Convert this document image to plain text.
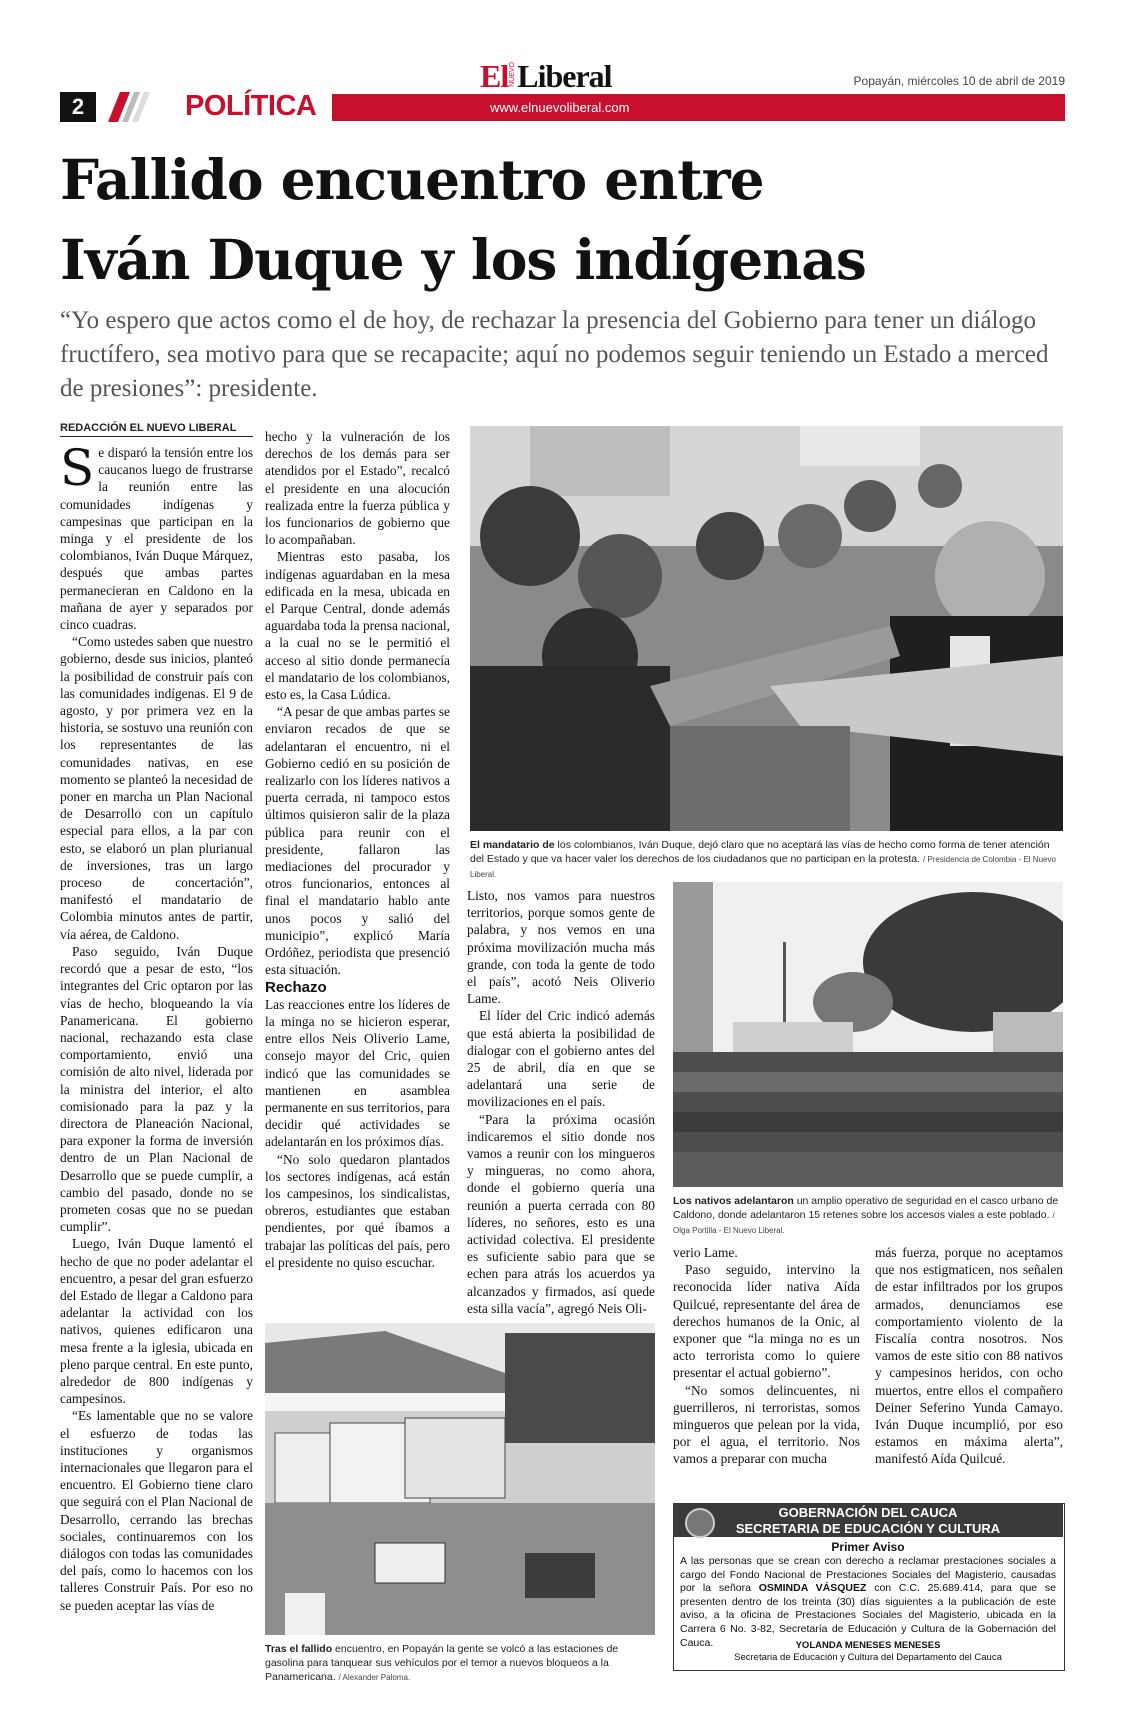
2	POLÍTICA	www.elnuevoliberal.com
El NUEVO Liberal	Popayán, miércoles 10 de abril de 2019
Fallido encuentro entre
Iván Duque y los indígenas
“Yo espero que actos como el de hoy, de rechazar la presencia del Gobierno para tener un diálogo fructífero, sea motivo para que se recapacite; aquí no podemos seguir teniendo un Estado a merced de presiones”: presidente.
REDACCIÓN EL NUEVO LIBERAL

Se disparó la tensión entre los caucanos luego de frustrarse la reunión entre las comunidades indígenas y campesinas que participan en la minga y el presidente de los colombianos, Iván Duque Márquez, después que ambas partes permanecieran en Caldono en la mañana de ayer y separados por cinco cuadras.

“Como ustedes saben que nuestro gobierno, desde sus inicios, planteó la posibilidad de construir país con las comunidades indígenas. El 9 de agosto, y por primera vez en la historia, se sostuvo una reunión con los representantes de las comunidades nativas, en ese momento se planteó la necesidad de poner en marcha un Plan Nacional de Desarrollo con un capítulo especial para ellos, a la par con esto, se elaboró un plan plurianual de inversiones, tras un largo proceso de concertación”, manifestó el mandatario de Colombia minutos antes de partir, vía aérea, de Caldono.

Paso seguido, Iván Duque recordó que a pesar de esto, “los integrantes del Cric optaron por las vías de hecho, bloqueando la vía Panamericana. El gobierno nacional, rechazando esta clase comportamiento, envió una comisión de alto nivel, liderada por la ministra del interior, el alto comisionado para la paz y la directora de Planeación Nacional, para exponer la forma de inversión dentro de un Plan Nacional de Desarrollo que se puede cumplir, a cambio del pasado, donde no se prometen cosas que no se puedan cumplir”.

Luego, Iván Duque lamentó el hecho de que no poder adelantar el encuentro, a pesar del gran esfuerzo del Estado de llegar a Caldono para adelantar la actividad con los nativos, quienes edificaron una mesa frente a la iglesia, ubicada en pleno parque central. En este punto, alrededor de 800 indígenas y campesinos.

“Es lamentable que no se valore el esfuerzo de todas las instituciones y organismos internacionales que llegaron para el encuentro. El Gobierno tiene claro que seguirá con el Plan Nacional de Desarrollo, cerrando las brechas sociales, continuaremos con los diálogos con todas las comunidades del país, como lo hacemos con los talleres Construir País. Por eso no se pueden aceptar las vías de

hecho y la vulneración de los derechos de los demás para ser atendidos por el Estado”, recalcó el presidente en una alocución realizada entre la fuerza pública y los funcionarios de gobierno que lo acompañaban.

Mientras esto pasaba, los indígenas aguardaban en la mesa edificada en la mesa, ubicada en el Parque Central, donde además aguardaba toda la prensa nacional, a la cual no se le permitió el acceso al sitio donde permanecía el mandatario de los colombianos, esto es, la Casa Lúdica.

“A pesar de que ambas partes se enviaron recados de que se adelantaran el encuentro, ni el Gobierno cedió en su posición de realizarlo con los líderes nativos a puerta cerrada, ni tampoco estos últimos quisieron salir de la plaza pública para reunir con el presidente, fallaron las mediaciones del procurador y otros funcionarios, entonces al final el mandatario hablo ante unos pocos y salió del municipio”, explicó María Ordóñez, periodista que presenció esta situación.

Rechazo

Las reacciones entre los líderes de la minga no se hicieron esperar, entre ellos Neis Oliverio Lame, consejo mayor del Cric, quien indicó que las comunidades se mantienen en asamblea permanente en sus territorios, para decidir qué actividades se adelantarán en los próximos días.

“No solo quedaron plantados los sectores indígenas, acá están los campesinos, los sindicalistas, obreros, estudiantes que estaban pendientes, por qué íbamos a trabajar las políticas del país, pero el presidente no quiso escuchar.

El mandatario de los colombianos, Iván Duque, dejó claro que no aceptará las vías de hecho como forma de tener atención del Estado y que va hacer valer los derechos de los ciudadanos que no participan en la protesta. / Presidencia de Colombia - El Nuevo Liberal.

Listo, nos vamos para nuestros territorios, porque somos gente de palabra, y nos vemos en una próxima movilización mucha más grande, con toda la gente de todo el país”, acotó Neis Oliverio Lame.

El líder del Cric indicó además que está abierta la posibilidad de dialogar con el gobierno antes del 25 de abril, día en que se adelantará una serie de movilizaciones en el país.

“Para la próxima ocasión indicaremos el sitio donde nos vamos a reunir con los mingueros y mingueras, no como ahora, donde el gobierno quería una reunión a puerta cerrada con 80 líderes, no señores, esto es una actividad colectiva. El presidente es suficiente sabio para que se echen para atrás los acuerdos ya alcanzados y firmados, así quede esta silla vacía”, agregó Neis Oli-

Los nativos adelantaron un amplio operativo de seguridad en el casco urbano de Caldono, donde adelantaron 15 retenes sobre los accesos viales a este poblado. / Olga Portilla - El Nuevo Liberal.

verio Lame.

Paso seguido, intervino la reconocida líder nativa Aída Quilcué, representante del área de derechos humanos de la Onic, al exponer que “la minga no es un acto terrorista como lo quiere presentar el actual gobierno”.

“No somos delincuentes, ni guerrilleros, ni terroristas, somos mingueros que pelean por la vida, por el agua, el territorio. Nos vamos a preparar con mucha

más fuerza, porque no aceptamos que nos estigmaticen, nos señalen de estar infiltrados por los grupos armados, denunciamos ese comportamiento violento de la Fiscalía contra nosotros. Nos vamos de este sitio con 88 nativos y campesinos heridos, con ocho muertos, entre ellos el compañero Deiner Seferino Yunda Camayo. Iván Duque incumplió, por eso estamos en máxima alerta”, manifestó Aída Quilcué.

Tras el fallido encuentro, en Popayán la gente se volcó a las estaciones de gasolina para tanquear sus vehículos por el temor a nuevos bloqueos a la Panamericana. / Alexander Paloma.
GOBERNACIÓN DEL CAUCA
SECRETARIA DE EDUCACIÓN Y CULTURA
Primer Aviso
A las personas que se crean con derecho a reclamar prestaciones sociales a cargo del Fondo Nacional de Prestaciones Sociales del Magisterio, causadas por la señora OSMINDA VÁSQUEZ con C.C. 25.689.414, para que se presenten dentro de los treinta (30) días siguientes a la publicación de este aviso, a la oficina de Prestaciones Sociales del Magisterio, ubicada en la Carrera 6 No. 3-82, Secretaría de Educación y Cultura de la Gobernación del Cauca.	YOLANDA MENESES MENESES
Secretaria de Educación y Cultura del Departamento del Cauca
